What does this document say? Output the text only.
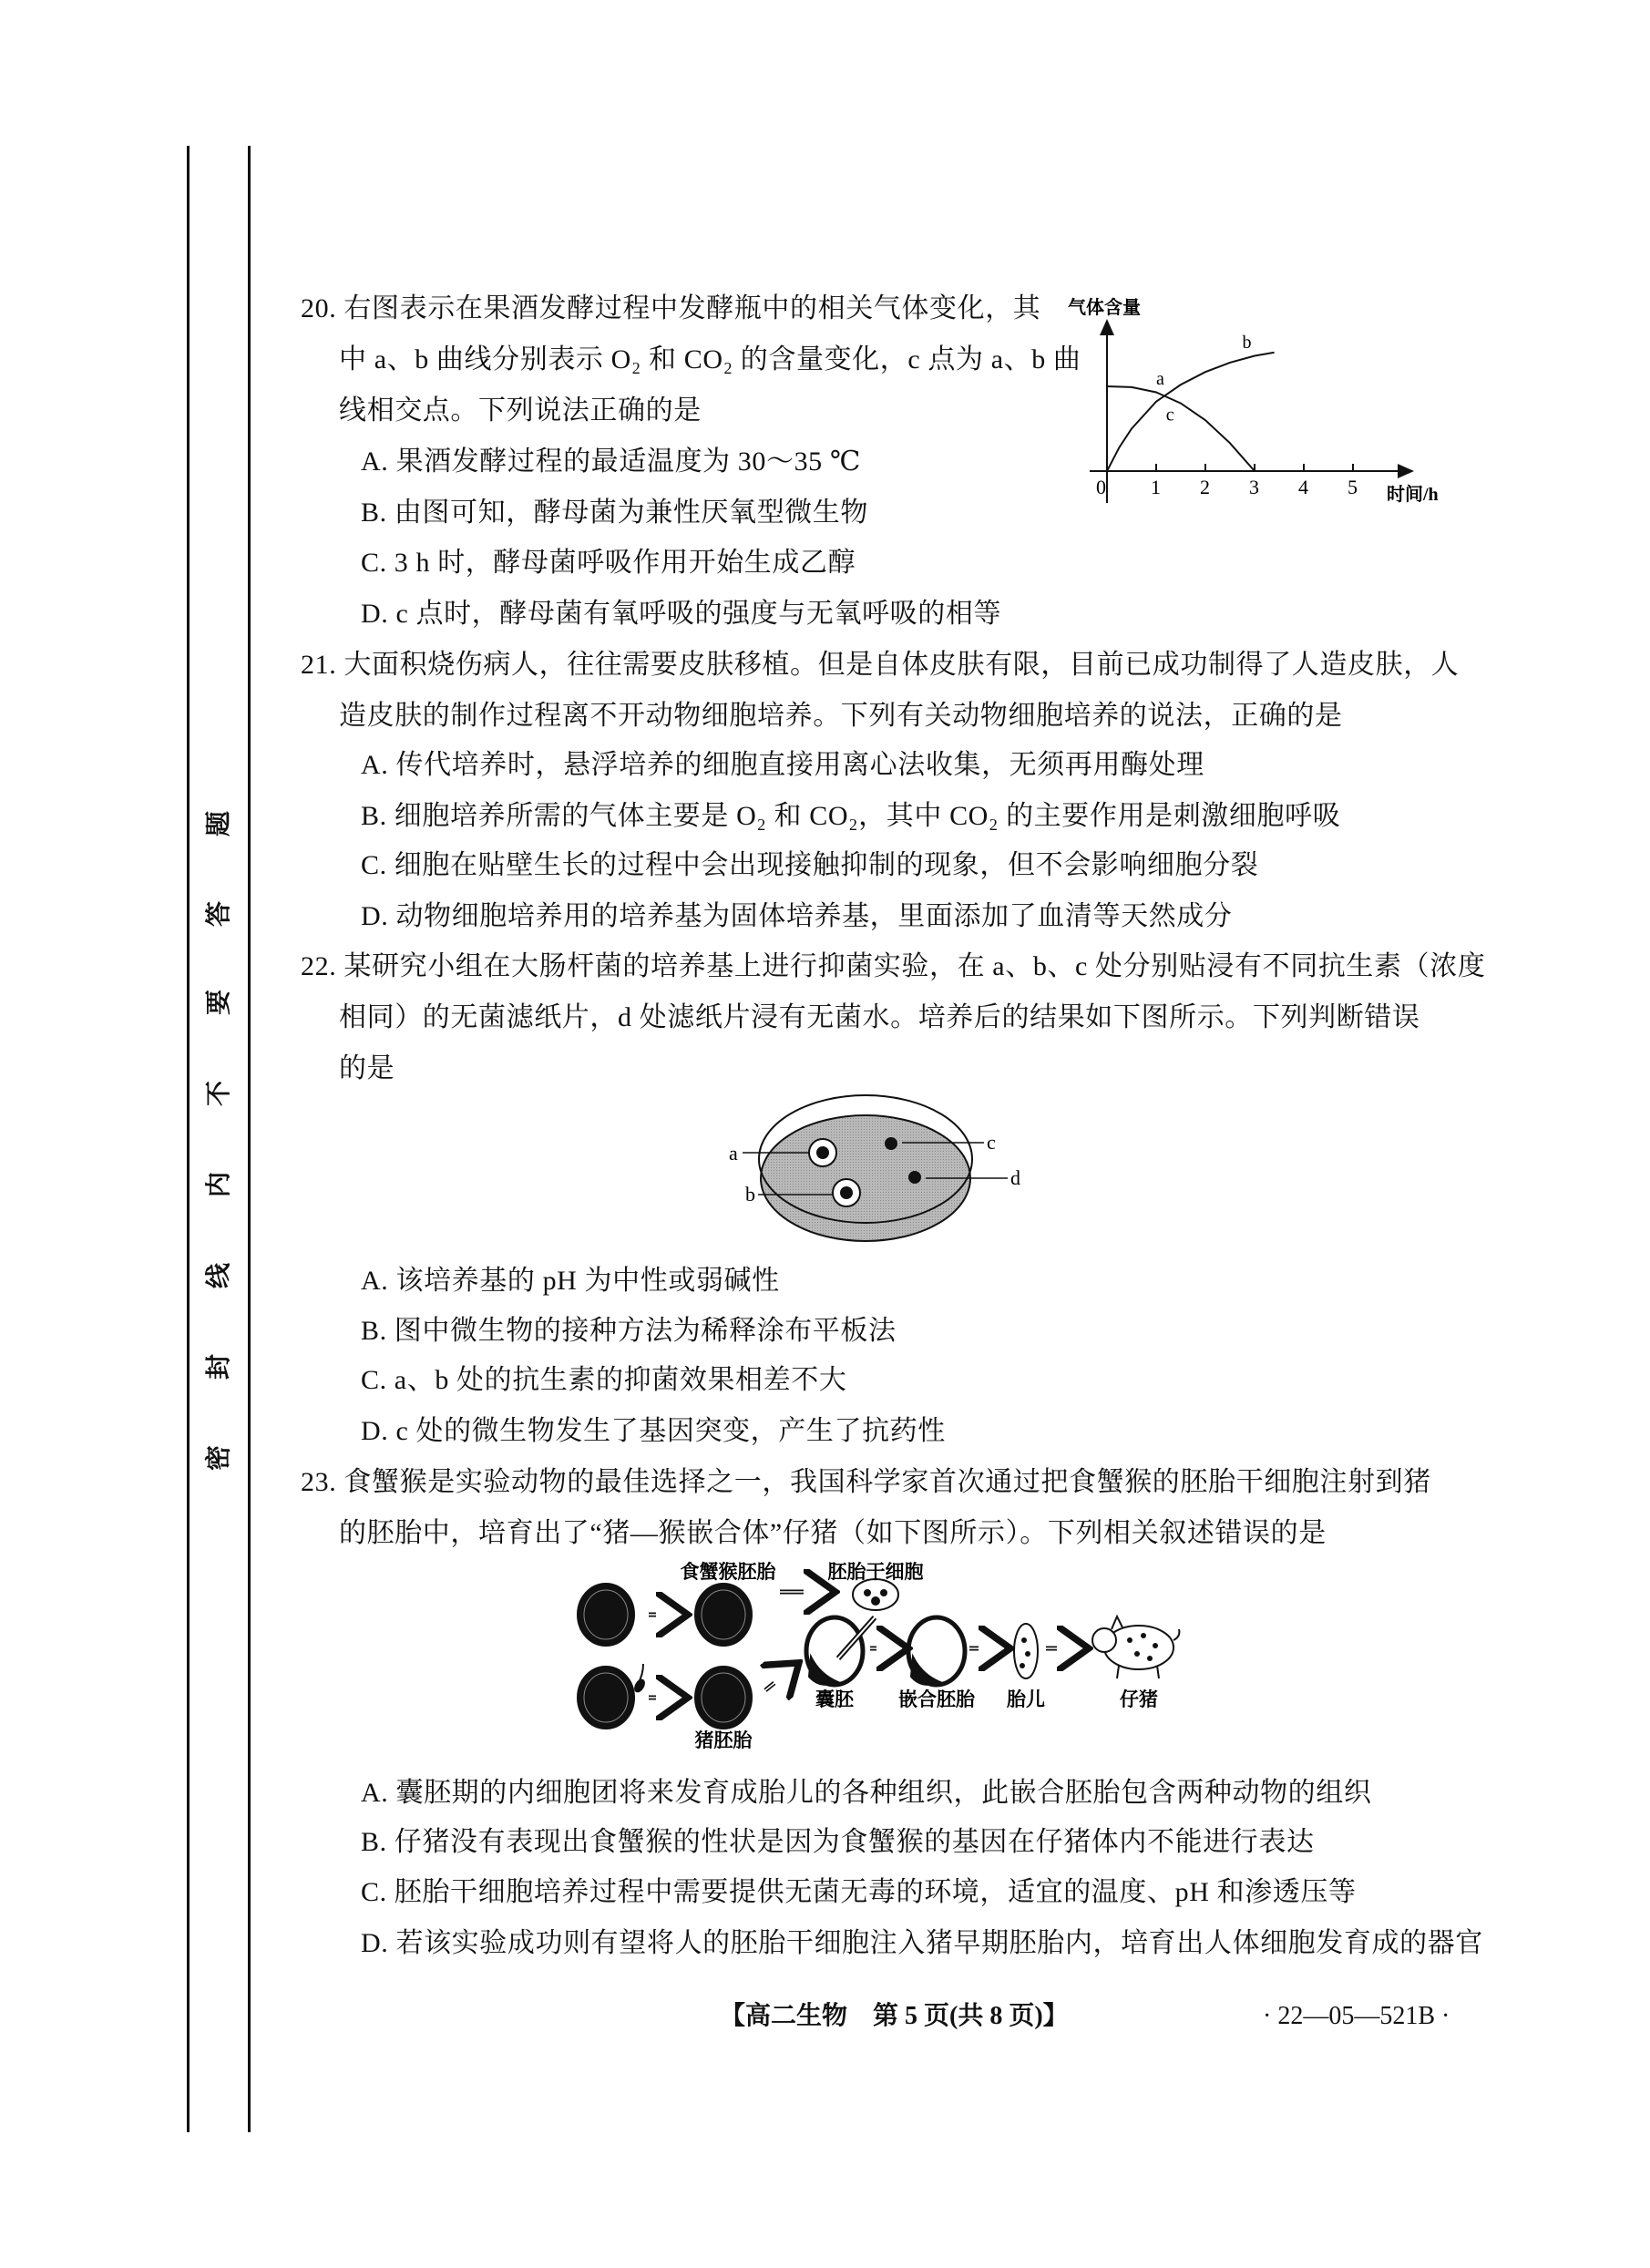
密
封
线
内
不
要
答
题
20. 右图表示在果酒发酵过程中发酵瓶中的相关气体变化，其
中 a、b 曲线分别表示 O₂ 和 CO₂ 的含量变化，c 点为 a、b 曲
线相交点。下列说法正确的是
A. 果酒发酵过程的最适温度为 30～35 ℃
B. 由图可知，酵母菌为兼性厌氧型微生物
C. 3 h 时，酵母菌呼吸作用开始生成乙醇
D. c 点时，酵母菌有氧呼吸的强度与无氧呼吸的相等
气体含量
时间/h
0 1 2 3 4 5
a
b
c
21. 大面积烧伤病人，往往需要皮肤移植。但是自体皮肤有限，目前已成功制得了人造皮肤，人
造皮肤的制作过程离不开动物细胞培养。下列有关动物细胞培养的说法，正确的是
A. 传代培养时，悬浮培养的细胞直接用离心法收集，无须再用酶处理
B. 细胞培养所需的气体主要是 O₂ 和 CO₂，其中 CO₂ 的主要作用是刺激细胞呼吸
C. 细胞在贴壁生长的过程中会出现接触抑制的现象，但不会影响细胞分裂
D. 动物细胞培养用的培养基为固体培养基，里面添加了血清等天然成分
22. 某研究小组在大肠杆菌的培养基上进行抑菌实验，在 a、b、c 处分别贴浸有不同抗生素（浓度
相同）的无菌滤纸片，d 处滤纸片浸有无菌水。培养后的结果如下图所示。下列判断错误
的是
a
b
c
d
A. 该培养基的 pH 为中性或弱碱性
B. 图中微生物的接种方法为稀释涂布平板法
C. a、b 处的抗生素的抑菌效果相差不大
D. c 处的微生物发生了基因突变，产生了抗药性
23. 食蟹猴是实验动物的最佳选择之一，我国科学家首次通过把食蟹猴的胚胎干细胞注射到猪
的胚胎中，培育出了“猪—猴嵌合体”仔猪（如下图所示）。下列相关叙述错误的是
食蟹猴胚胎	胚胎干细胞
猪胚胎
囊胚 嵌合胚胎 胎儿	仔猪
A. 囊胚期的内细胞团将来发育成胎儿的各种组织，此嵌合胚胎包含两种动物的组织
B. 仔猪没有表现出食蟹猴的性状是因为食蟹猴的基因在仔猪体内不能进行表达
C. 胚胎干细胞培养过程中需要提供无菌无毒的环境，适宜的温度、pH 和渗透压等
D. 若该实验成功则有望将人的胚胎干细胞注入猪早期胚胎内，培育出人体细胞发育成的器官
【高二生物　第 5 页(共 8 页)】	· 22—05—521B ·
